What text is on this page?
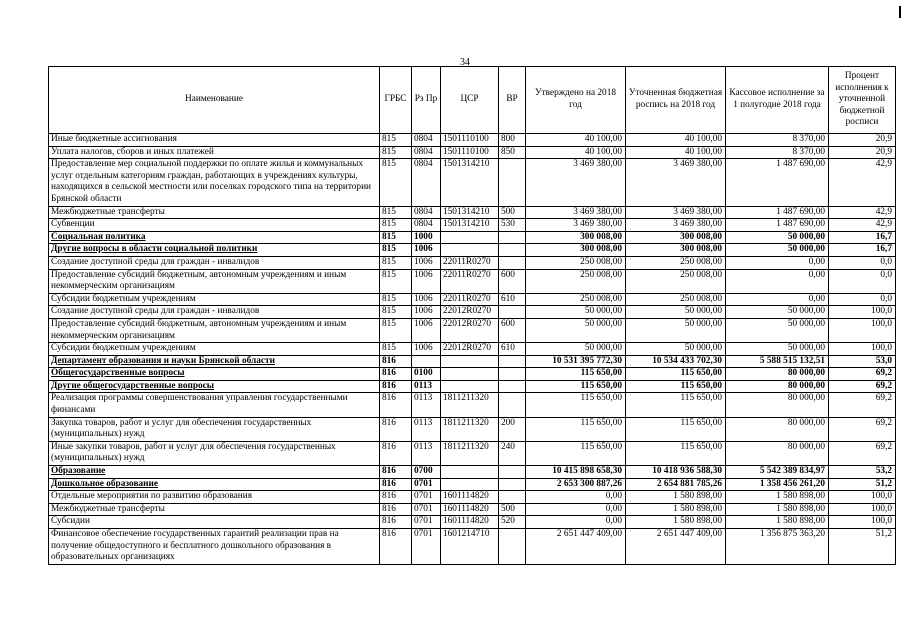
34
Наименование	ГРБС	Рз Пр	ЦСР	ВР	Утверждено на 2018 год	Уточненная бюджетная роспись на 2018 год	Кассовое исполнение за 1 полугодие 2018 года	Процент исполнения к уточненной бюджетной росписи
Иные бюджетные ассигнования	815	0804	1501110100	800	40 100,00	40 100,00	8 370,00	20,9
Уплата налогов, сборов и иных платежей	815	0804	1501110100	850	40 100,00	40 100,00	8 370,00	20,9
Предоставление мер социальной поддержки по оплате жилья и коммунальных услуг отдельным категориям граждан, работающих в учреждениях культуры, находящихся в сельской местности или поселках городского типа на территории Брянской области	815	0804	1501314210		3 469 380,00	3 469 380,00	1 487 690,00	42,9
Межбюджетные трансферты	815	0804	1501314210	500	3 469 380,00	3 469 380,00	1 487 690,00	42,9
Субвенции	815	0804	1501314210	530	3 469 380,00	3 469 380,00	1 487 690,00	42,9
Социальная политика	815	1000			300 008,00	300 008,00	50 000,00	16,7
Другие вопросы в области социальной политики	815	1006			300 008,00	300 008,00	50 000,00	16,7
Создание доступной среды для граждан - инвалидов	815	1006	22011R0270		250 008,00	250 008,00	0,00	0,0
Предоставление субсидий бюджетным, автономным учреждениям и иным некоммерческим организациям	815	1006	22011R0270	600	250 008,00	250 008,00	0,00	0,0
Субсидии бюджетным учреждениям	815	1006	22011R0270	610	250 008,00	250 008,00	0,00	0,0
Создание доступной среды для граждан - инвалидов	815	1006	22012R0270		50 000,00	50 000,00	50 000,00	100,0
Предоставление субсидий бюджетным, автономным учреждениям и иным некоммерческим организациям	815	1006	22012R0270	600	50 000,00	50 000,00	50 000,00	100,0
Субсидии бюджетным учреждениям	815	1006	22012R0270	610	50 000,00	50 000,00	50 000,00	100,0
Департамент образования и науки Брянской области	816				10 531 395 772,30	10 534 433 702,30	5 588 515 132,51	53,0
Общегосударственные вопросы	816	0100			115 650,00	115 650,00	80 000,00	69,2
Другие общегосударственные вопросы	816	0113			115 650,00	115 650,00	80 000,00	69,2
Реализация программы совершенствования управления государственными финансами	816	0113	1811211320		115 650,00	115 650,00	80 000,00	69,2
Закупка товаров, работ и услуг для обеспечения государственных (муниципальных) нужд	816	0113	1811211320	200	115 650,00	115 650,00	80 000,00	69,2
Иные закупки товаров, работ и услуг для обеспечения государственных (муниципальных) нужд	816	0113	1811211320	240	115 650,00	115 650,00	80 000,00	69,2
Образование	816	0700			10 415 898 658,30	10 418 936 588,30	5 542 389 834,97	53,2
Дошкольное образование	816	0701			2 653 300 887,26	2 654 881 785,26	1 358 456 261,20	51,2
Отдельные мероприятия по развитию образования	816	0701	1601114820		0,00	1 580 898,00	1 580 898,00	100,0
Межбюджетные трансферты	816	0701	1601114820	500	0,00	1 580 898,00	1 580 898,00	100,0
Субсидии	816	0701	1601114820	520	0,00	1 580 898,00	1 580 898,00	100,0
Финансовое обеспечение государственных гарантий реализации прав на получение общедоступного и бесплатного дошкольного образования в образовательных организациях	816	0701	1601214710		2 651 447 409,00	2 651 447 409,00	1 356 875 363,20	51,2
